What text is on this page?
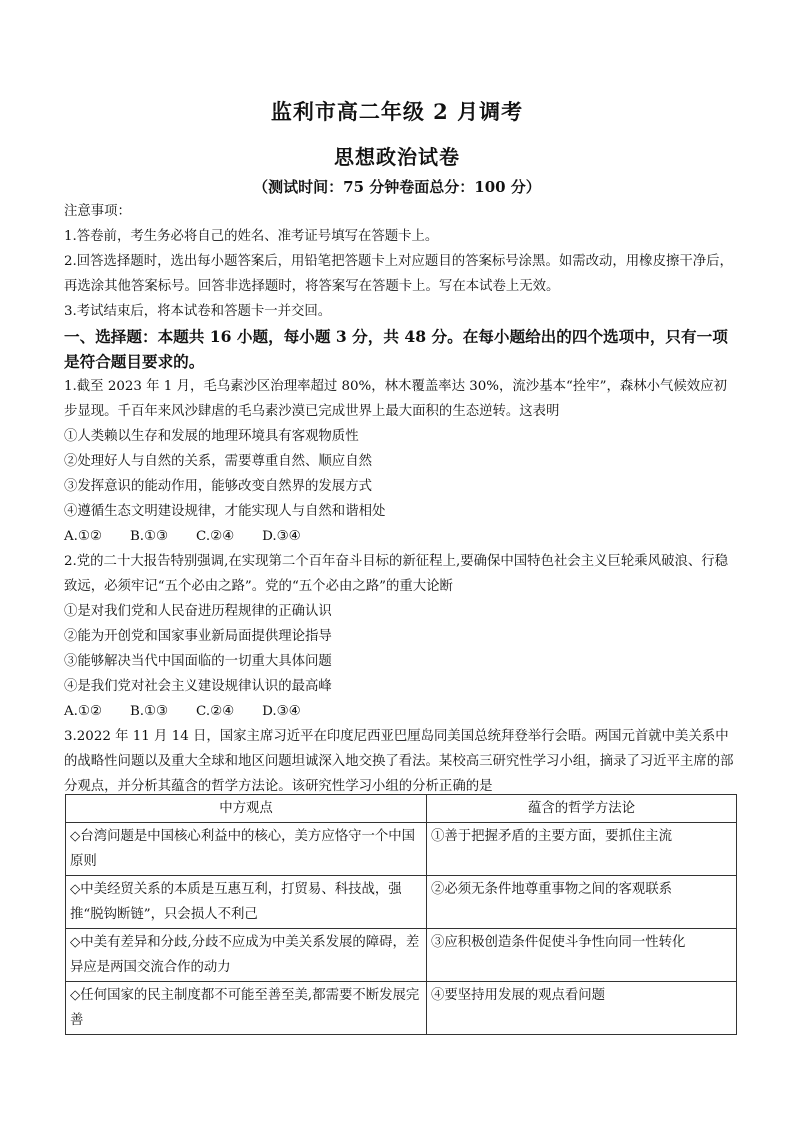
监利市高二年级 2 月调考
思想政治试卷
（测试时间：75 分钟卷面总分：100 分）

注意事项：

1.答卷前，考生务必将自己的姓名、准考证号填写在答题卡上。

2.回答选择题时，选出每小题答案后，用铅笔把答题卡上对应题目的答案标号涂黑。如需改动，用橡皮擦干净后，再选涂其他答案标号。回答非选择题时，将答案写在答题卡上。写在本试卷上无效。

3.考试结束后，将本试卷和答题卡一并交回。

一、选择题：本题共 16 小题，每小题 3 分，共 48 分。在每小题给出的四个选项中，只有一项是符合题目要求的。

1.截至 2023 年 1 月，毛乌素沙区治理率超过 80%，林木覆盖率达 30%，流沙基本“拴牢”，森林小气候效应初步显现。千百年来风沙肆虐的毛乌素沙漠已完成世界上最大面积的生态逆转。这表明

①人类赖以生存和发展的地理环境具有客观物质性

②处理好人与自然的关系，需要尊重自然、顺应自然

③发挥意识的能动作用，能够改变自然界的发展方式

④遵循生态文明建设规律，才能实现人与自然和谐相处

A.①② B.①③ C.②④ D.③④

2.党的二十大报告特别强调,在实现第二个百年奋斗目标的新征程上,要确保中国特色社会主义巨轮乘风破浪、行稳致远，必须牢记“五个必由之路”。党的“五个必由之路”的重大论断

①是对我们党和人民奋进历程规律的正确认识

②能为开创党和国家事业新局面提供理论指导

③能够解决当代中国面临的一切重大具体问题

④是我们党对社会主义建设规律认识的最高峰

A.①② B.①③ C.②④ D.③④

3.2022 年 11 月 14 日，国家主席习近平在印度尼西亚巴厘岛同美国总统拜登举行会晤。两国元首就中美关系中的战略性问题以及重大全球和地区问题坦诚深入地交换了看法。某校高三研究性学习小组，摘录了习近平主席的部分观点，并分析其蕴含的哲学方法论。该研究性学习小组的分析正确的是

中方观点	蕴含的哲学方法论
◇台湾问题是中国核心利益中的核心，美方应恪守一个中国原则	①善于把握矛盾的主要方面，要抓住主流
◇中美经贸关系的本质是互惠互利，打贸易、科技战，强推“脱钩断链”，只会损人不利己	②必须无条件地尊重事物之间的客观联系
◇中美有差异和分歧,分歧不应成为中美关系发展的障碍，差异应是两国交流合作的动力	③应积极创造条件促使斗争性向同一性转化
◇任何国家的民主制度都不可能至善至美,都需要不断发展完善	④要坚持用发展的观点看问题
